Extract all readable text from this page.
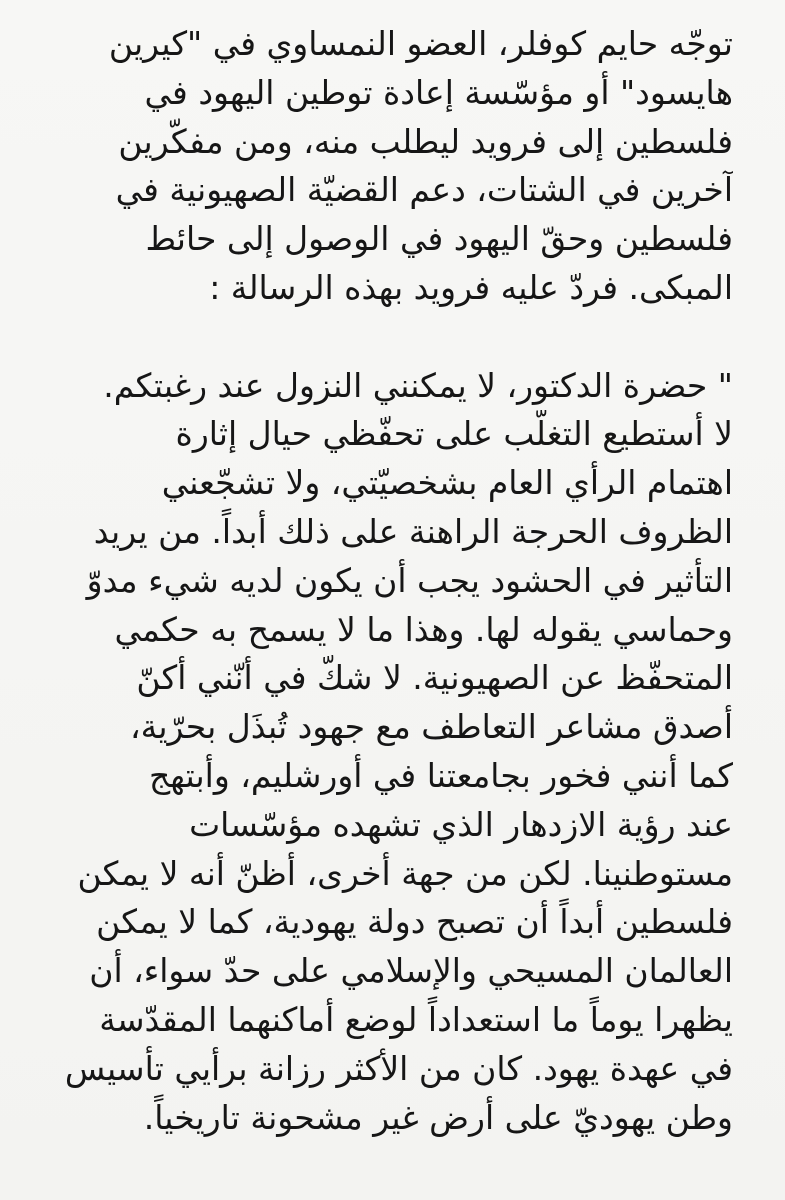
توجّه حايم كوفلر، العضو النمساوي في "كيرين
هايسود" أو مؤسّسة إعادة توطين اليهود في
فلسطين إلى فرويد ليطلب منه، ومن مفكّرين
آخرين في الشتات، دعم القضيّة الصهيونية في
فلسطين وحقّ اليهود في الوصول إلى حائط
المبكى. فردّ عليه فرويد بهذه الرسالة :
" حضرة الدكتور، لا يمكنني النزول عند رغبتكم.
لا أستطيع التغلّب على تحفّظي حيال إثارة
اهتمام الرأي العام بشخصيّتي، ولا تشجّعني
الظروف الحرجة الراهنة على ذلك أبداً. من يريد
التأثير في الحشود يجب أن يكون لديه شيء مدوّ
وحماسي يقوله لها. وهذا ما لا يسمح به حكمي
المتحفّظ عن الصهيونية. لا شكّ في أنّني أكنّ
أصدق مشاعر التعاطف مع جهود تُبذَل بحرّية،
كما أنني فخور بجامعتنا في أورشليم، وأبتهج
عند رؤية الازدهار الذي تشهده مؤسّسات
مستوطنينا. لكن من جهة أخرى، أظنّ أنه لا يمكن
فلسطين أبداً أن تصبح دولة يهودية، كما لا يمكن
العالمان المسيحي والإسلامي على حدّ سواء، أن
يظهرا يوماً ما استعداداً لوضع أماكنهما المقدّسة
في عهدة يهود. كان من الأكثر رزانة برأيي تأسيس
وطن يهوديّ على أرض غير مشحونة تاريخياً.
